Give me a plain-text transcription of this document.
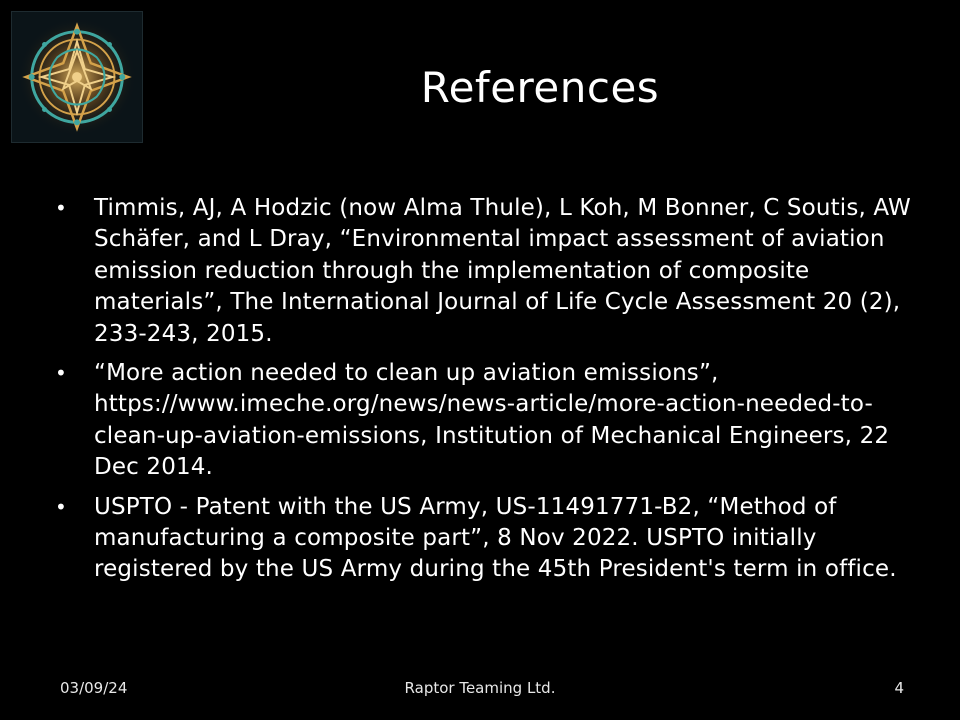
References
• Timmis, AJ, A Hodzic (now Alma Thule), L Koh, M Bonner, C Soutis, AW Schäfer, and L Dray, “Environmental impact assessment of aviation emission reduction through the implementation of composite materials”, The International Journal of Life Cycle Assessment 20 (2), 233-243, 2015.
• “More action needed to clean up aviation emissions”, https://www.imeche.org/news/news-article/more-action-needed-to-clean-up-aviation-emissions, Institution of Mechanical Engineers, 22 Dec 2014.
• USPTO - Patent with the US Army, US-11491771-B2, “Method of manufacturing a composite part”, 8 Nov 2022. USPTO initially registered by the US Army during the 45th President's term in office.

03/09/24	Raptor Teaming Ltd.	4
